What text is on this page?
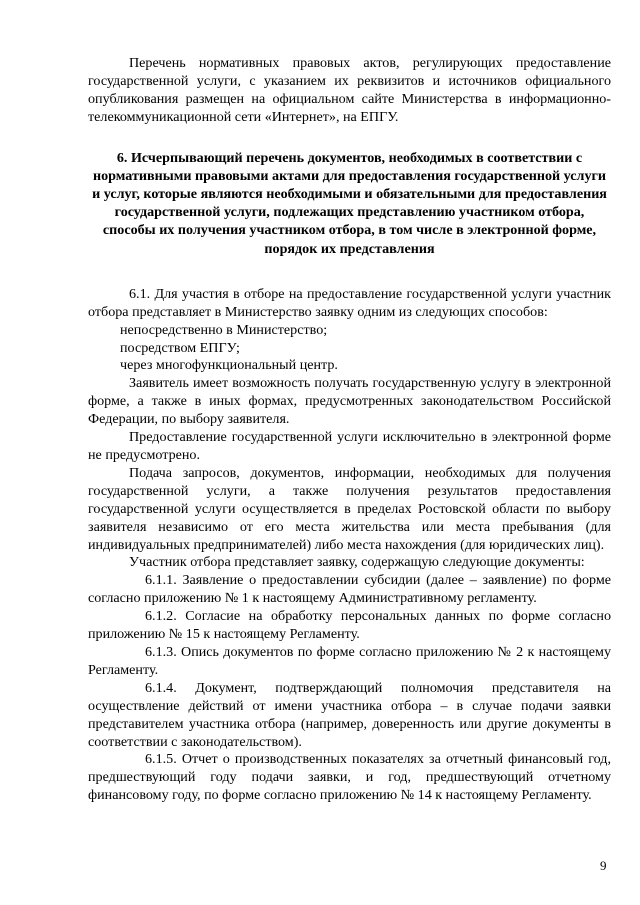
Перечень нормативных правовых актов, регулирующих предоставление государственной услуги, с указанием их реквизитов и источников официального опубликования размещен на официальном сайте Министерства в информационно-телекоммуникационной сети «Интернет», на ЕПГУ.

6. Исчерпывающий перечень документов, необходимых в соответствии с нормативными правовыми актами для предоставления государственной услуги и услуг, которые являются необходимыми и обязательными для предоставления государственной услуги, подлежащих представлению участником отбора, способы их получения участником отбора, в том числе в электронной форме, порядок их представления

6.1. Для участия в отборе на предоставление государственной услуги участник отбора представляет в Министерство заявку одним из следующих способов:

непосредственно в Министерство;

посредством ЕПГУ;

через многофункциональный центр.

Заявитель имеет возможность получать государственную услугу в электронной форме, а также в иных формах, предусмотренных законодательством Российской Федерации, по выбору заявителя.

Предоставление государственной услуги исключительно в электронной форме не предусмотрено.

Подача запросов, документов, информации, необходимых для получения государственной услуги, а также получения результатов предоставления государственной услуги осуществляется в пределах Ростовской области по выбору заявителя независимо от его места жительства или места пребывания (для индивидуальных предпринимателей) либо места нахождения (для юридических лиц).

Участник отбора представляет заявку, содержащую следующие документы:

6.1.1. Заявление о предоставлении субсидии (далее – заявление) по форме согласно приложению № 1 к настоящему Административному регламенту.

6.1.2. Согласие на обработку персональных данных по форме согласно приложению № 15 к настоящему Регламенту.

6.1.3. Опись документов по форме согласно приложению № 2 к настоящему Регламенту.

6.1.4. Документ, подтверждающий полномочия представителя на осуществление действий от имени участника отбора – в случае подачи заявки представителем участника отбора (например, доверенность или другие документы в соответствии с законодательством).

6.1.5. Отчет о производственных показателях за отчетный финансовый год, предшествующий году подачи заявки, и год, предшествующий отчетному финансовому году, по форме согласно приложению № 14 к настоящему Регламенту.

9
